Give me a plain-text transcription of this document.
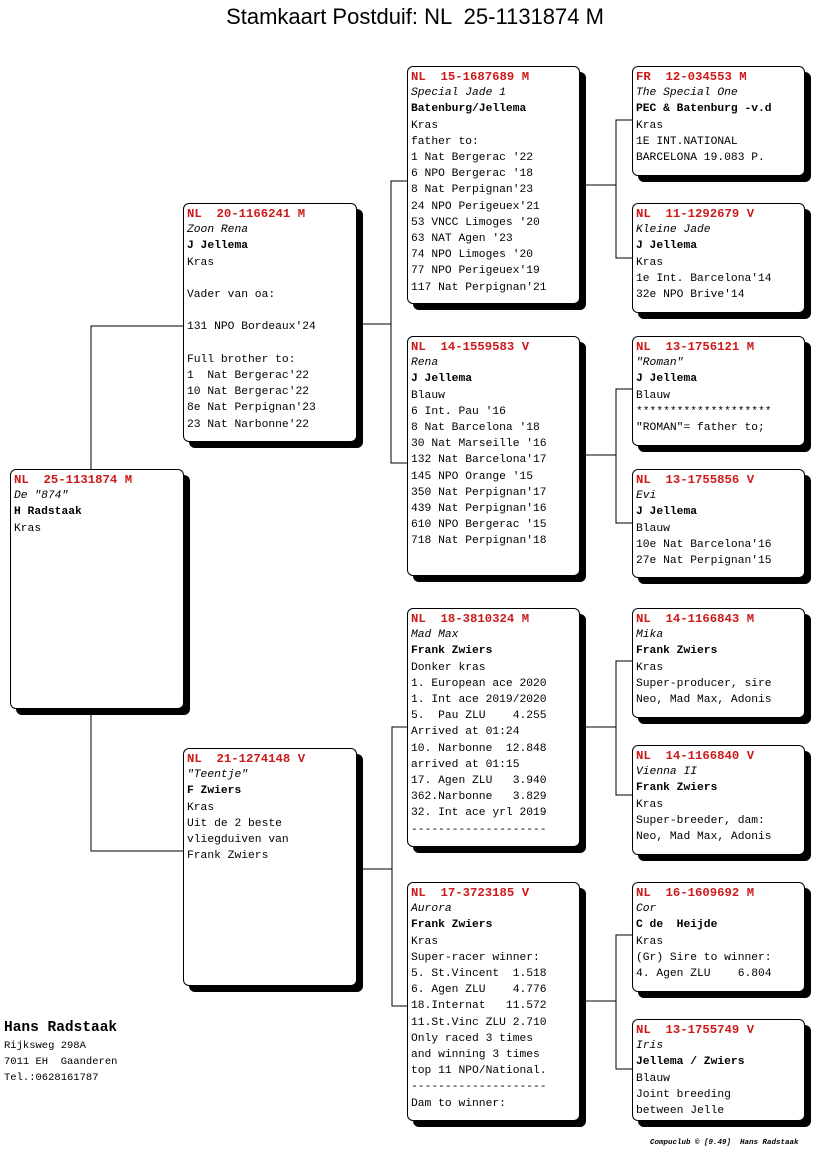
Stamkaart Postduif: NL  25-1131874 M
NL  25-1131874 M
De "874"
H Radstaak
Kras
NL  20-1166241 M
Zoon Rena
J Jellema
Kras

Vader van oa:

131 NPO Bordeaux'24

Full brother to:
1  Nat Bergerac'22
10 Nat Bergerac'22
8e Nat Perpignan'23
23 Nat Narbonne'22
NL  21-1274148 V
"Teentje"
F Zwiers
Kras
Uit de 2 beste
vliegduiven van
Frank Zwiers
NL  15-1687689 M
Special Jade 1
Batenburg/Jellema
Kras
father to:
1 Nat Bergerac '22
6 NPO Bergerac '18
8 Nat Perpignan'23
24 NPO Perigeuex'21
53 VNCC Limoges '20
63 NAT Agen '23
74 NPO Limoges '20
77 NPO Perigeuex'19
117 Nat Perpignan'21
NL  14-1559583 V
Rena
J Jellema
Blauw
6 Int. Pau '16
8 Nat Barcelona '18
30 Nat Marseille '16
132 Nat Barcelona'17
145 NPO Orange '15
350 Nat Perpignan'17
439 Nat Perpignan'16
610 NPO Bergerac '15
718 Nat Perpignan'18
NL  18-3810324 M
Mad Max
Frank Zwiers
Donker kras
1. European ace 2020
1. Int ace 2019/2020
5.  Pau ZLU    4.255
Arrived at 01:24
10. Narbonne  12.848
arrived at 01:15
17. Agen ZLU   3.940
362.Narbonne   3.829
32. Int ace yrl 2019
--------------------
NL  17-3723185 V
Aurora
Frank Zwiers
Kras
Super-racer winner:
5. St.Vincent  1.518
6. Agen ZLU    4.776
18.Internat   11.572
11.St.Vinc ZLU 2.710
Only raced 3 times
and winning 3 times
top 11 NPO/National.
--------------------
Dam to winner:
FR  12-034553 M
The Special One
PEC & Batenburg -v.d
Kras
1E INT.NATIONAL
BARCELONA 19.083 P.
NL  11-1292679 V
Kleine Jade
J Jellema
Kras
1e Int. Barcelona'14
32e NPO Brive'14
NL  13-1756121 M
"Roman"
J Jellema
Blauw
********************
"ROMAN"= father to;
NL  13-1755856 V
Evi
J Jellema
Blauw
10e Nat Barcelona'16
27e Nat Perpignan'15
NL  14-1166843 M
Mika
Frank Zwiers
Kras
Super-producer, sire
Neo, Mad Max, Adonis
NL  14-1166840 V
Vienna II
Frank Zwiers
Kras
Super-breeder, dam:
Neo, Mad Max, Adonis
NL  16-1609692 M
Cor
C de  Heijde
Kras
(Gr) Sire to winner:
4. Agen ZLU    6.804
NL  13-1755749 V
Iris
Jellema / Zwiers
Blauw
Joint breeding
between Jelle
Hans Radstaak
Rijksweg 298A
7011 EH  Gaanderen
Tel.:0628161787
Compuclub © [9.49]  Hans Radstaak
